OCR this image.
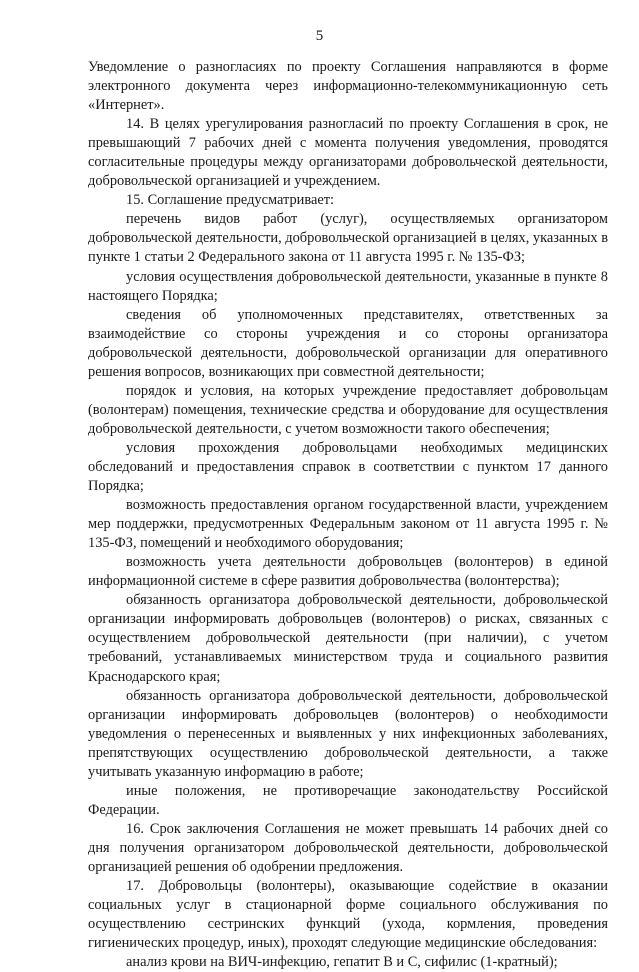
5

Уведомление о разногласиях по проекту Соглашения направляются в форме электронного документа через информационно-телекоммуникационную сеть «Интернет».

14. В целях урегулирования разногласий по проекту Соглашения в срок, не превышающий 7 рабочих дней с момента получения уведомления, проводятся согласительные процедуры между организаторами добровольческой деятельности, добровольческой организацией и учреждением.

15. Соглашение предусматривает:

перечень видов работ (услуг), осуществляемых организатором добровольческой деятельности, добровольческой организацией в целях, указанных в пункте 1 статьи 2 Федерального закона от 11 августа 1995 г. № 135-ФЗ;

условия осуществления добровольческой деятельности, указанные в пункте 8 настоящего Порядка;

сведения об уполномоченных представителях, ответственных за взаимодействие со стороны учреждения и со стороны организатора добровольческой деятельности, добровольческой организации для оперативного решения вопросов, возникающих при совместной деятельности;

порядок и условия, на которых учреждение предоставляет добровольцам (волонтерам) помещения, технические средства и оборудование для осуществления добровольческой деятельности, с учетом возможности такого обеспечения;

условия прохождения добровольцами необходимых медицинских обследований и предоставления справок в соответствии с пунктом 17 данного Порядка;

возможность предоставления органом государственной власти, учреждением мер поддержки, предусмотренных Федеральным законом от 11 августа 1995 г. № 135-ФЗ, помещений и необходимого оборудования;

возможность учета деятельности добровольцев (волонтеров) в единой информационной системе в сфере развития добровольчества (волонтерства);

обязанность организатора добровольческой деятельности, добровольческой организации информировать добровольцев (волонтеров) о рисках, связанных с осуществлением добровольческой деятельности (при наличии), с учетом требований, устанавливаемых министерством труда и социального развития Краснодарского края;

обязанность организатора добровольческой деятельности, добровольческой организации информировать добровольцев (волонтеров) о необходимости уведомления о перенесенных и выявленных у них инфекционных заболеваниях, препятствующих осуществлению добровольческой деятельности, а также учитывать указанную информацию в работе;

иные положения, не противоречащие законодательству Российской Федерации.

16. Срок заключения Соглашения не может превышать 14 рабочих дней со дня получения организатором добровольческой деятельности, добровольческой организацией решения об одобрении предложения.

17. Добровольцы (волонтеры), оказывающие содействие в оказании социальных услуг в стационарной форме социального обслуживания по осуществлению сестринских функций (ухода, кормления, проведения гигиенических процедур, иных), проходят следующие медицинские обследования:

анализ крови на ВИЧ-инфекцию, гепатит В и С, сифилис (1-кратный);
